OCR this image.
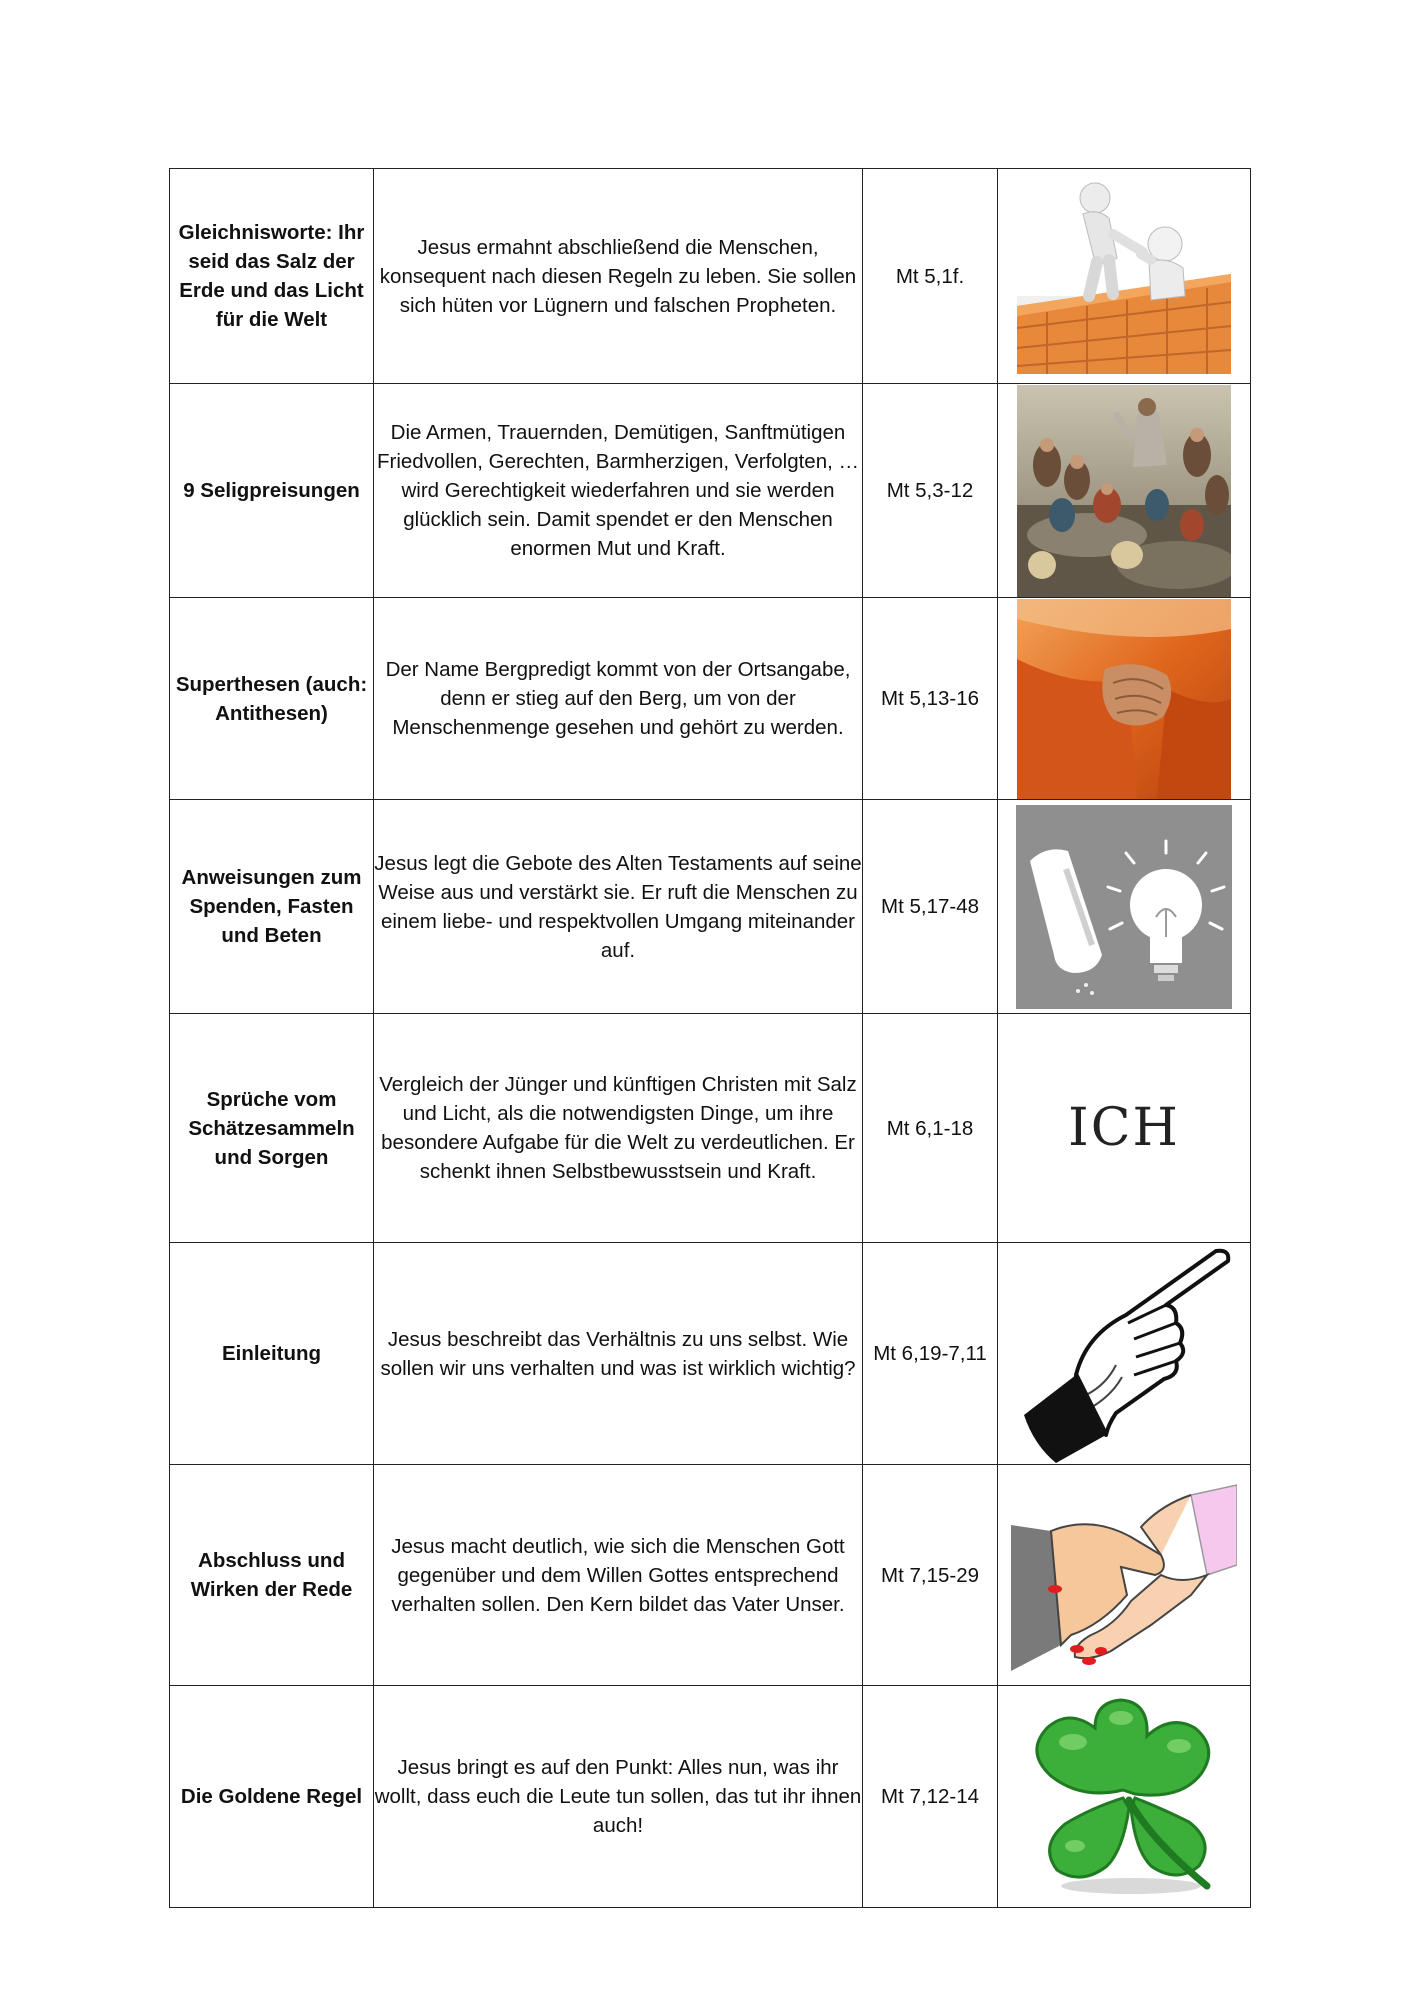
Gleichnisworte: Ihr seid das Salz der Erde und das Licht für die Welt	Jesus ermahnt abschließend die Menschen, konsequent nach diesen Regeln zu leben. Sie sollen sich hüten vor Lügnern und falschen Propheten.	Mt 5,1f.	

9 Seligpreisungen	Die Armen, Trauernden, Demütigen, Sanftmütigen Friedvollen, Gerechten, Barmherzigen, Verfolgten, … wird Gerechtigkeit wiederfahren und sie werden glücklich sein. Damit spendet er den Menschen enormen Mut und Kraft.	Mt 5,3-12	

Superthesen (auch: Antithesen)	Der Name Bergpredigt kommt von der Ortsangabe, denn er stieg auf den Berg, um von der Menschenmenge gesehen und gehört zu werden.	Mt 5,13-16	

Anweisungen zum Spenden, Fasten und Beten	Jesus legt die Gebote des Alten Testaments auf seine Weise aus und verstärkt sie. Er ruft die Menschen zu einem liebe- und respektvollen Umgang miteinander auf.	Mt 5,17-48	

Sprüche vom Schätzesammeln und Sorgen	Vergleich der Jünger und künftigen Christen mit Salz und Licht, als die notwendigsten Dinge, um ihre besondere Aufgabe für die Welt zu verdeutlichen. Er schenkt ihnen Selbstbewusstsein und Kraft.	Mt 6,1-18	ICH
Einleitung	Jesus beschreibt das Verhältnis zu uns selbst. Wie sollen wir uns verhalten und was ist wirklich wichtig?	Mt 6,19-7,11	

Abschluss und Wirken der Rede	Jesus macht deutlich, wie sich die Menschen Gott gegenüber und dem Willen Gottes entsprechend verhalten sollen. Den Kern bildet das Vater Unser.	Mt 7,15-29	

Die Goldene Regel	Jesus bringt es auf den Punkt: Alles nun, was ihr wollt, dass euch die Leute tun sollen, das tut ihr ihnen auch!	Mt 7,12-14	
